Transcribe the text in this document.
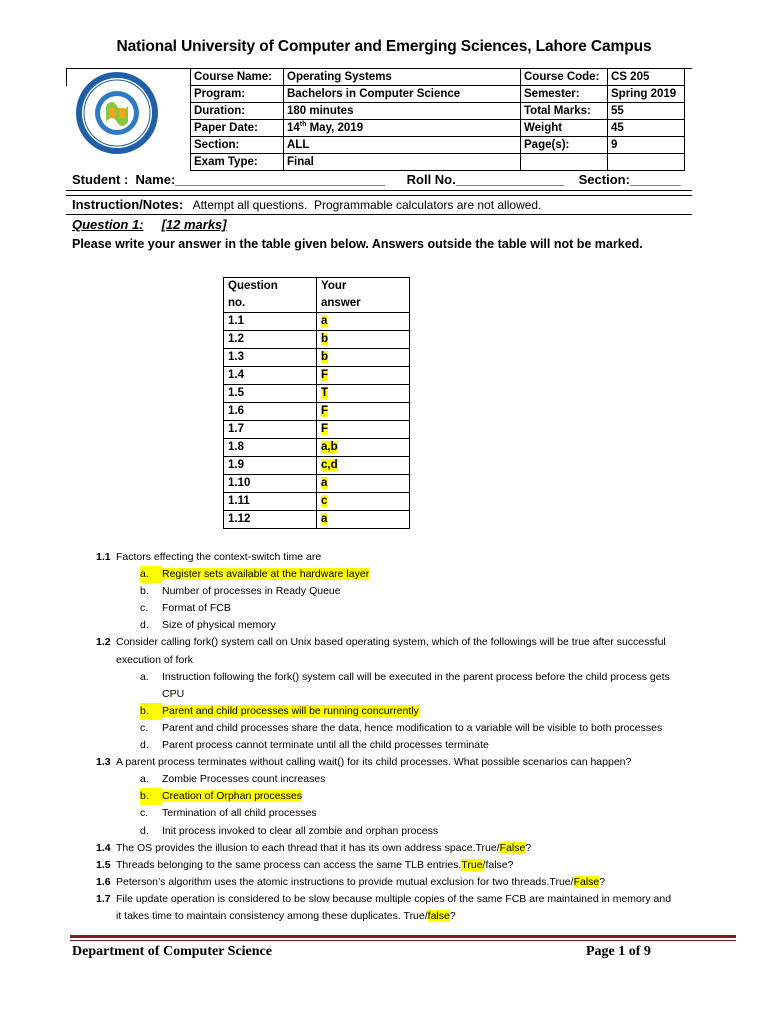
National University of Computer and Emerging Sciences, Lahore Campus
Course Name:	Operating Systems	Course Code:	CS 205
Program:	Bachelors in Computer Science	Semester:	Spring 2019
Duration:	180 minutes	Total Marks:	55
Paper Date:	14th May, 2019	Weight	45
Section:	ALL	Page(s):	9
Exam Type:	Final		
Student :  Name:_____________________________      Roll No._______________    Section:_______
Instruction/Notes:   Attempt all questions.  Programmable calculators are not allowed.
Question 1: [12 marks]
Please write your answer in the table given below. Answers outside the table will not be marked.
Question
no.	Your
answer
1.1	a
1.2	b
1.3	b
1.4	F
1.5	T
1.6	F
1.7	F
1.8	a,b
1.9	c,d
1.10	a
1.11	c
1.12	a
1.1 Factors effecting the context-switch time are
a. Register sets available at the hardware layer
b. Number of processes in Ready Queue
c. Format of FCB
d. Size of physical memory
1.2 Consider calling fork() system call on Unix based operating system, which of the followings will be true after successful
execution of fork
a. Instruction following the fork() system call will be executed in the parent process before the child process gets
CPU
b. Parent and child processes will be running concurrently
c. Parent and child processes share the data, hence modification to a variable will be visible to both processes
d. Parent process cannot terminate until all the child processes terminate
1.3 A parent process terminates without calling wait() for its child processes. What possible scenarios can happen?
a. Zombie Processes count increases
b. Creation of Orphan processes
c. Termination of all child processes
d. Init process invoked to clear all zombie and orphan process
1.4 The OS provides the illusion to each thread that it has its own address space.True/False?
1.5 Threads belonging to the same process can access the same TLB entries.True/false?
1.6 Peterson’s algorithm uses the atomic instructions to provide mutual exclusion for two threads.True/False?
1.7 File update operation is considered to be slow because multiple copies of the same FCB are maintained in memory and
it takes time to maintain consistency among these duplicates. True/false?
Department of Computer Science	Page 1 of 9
